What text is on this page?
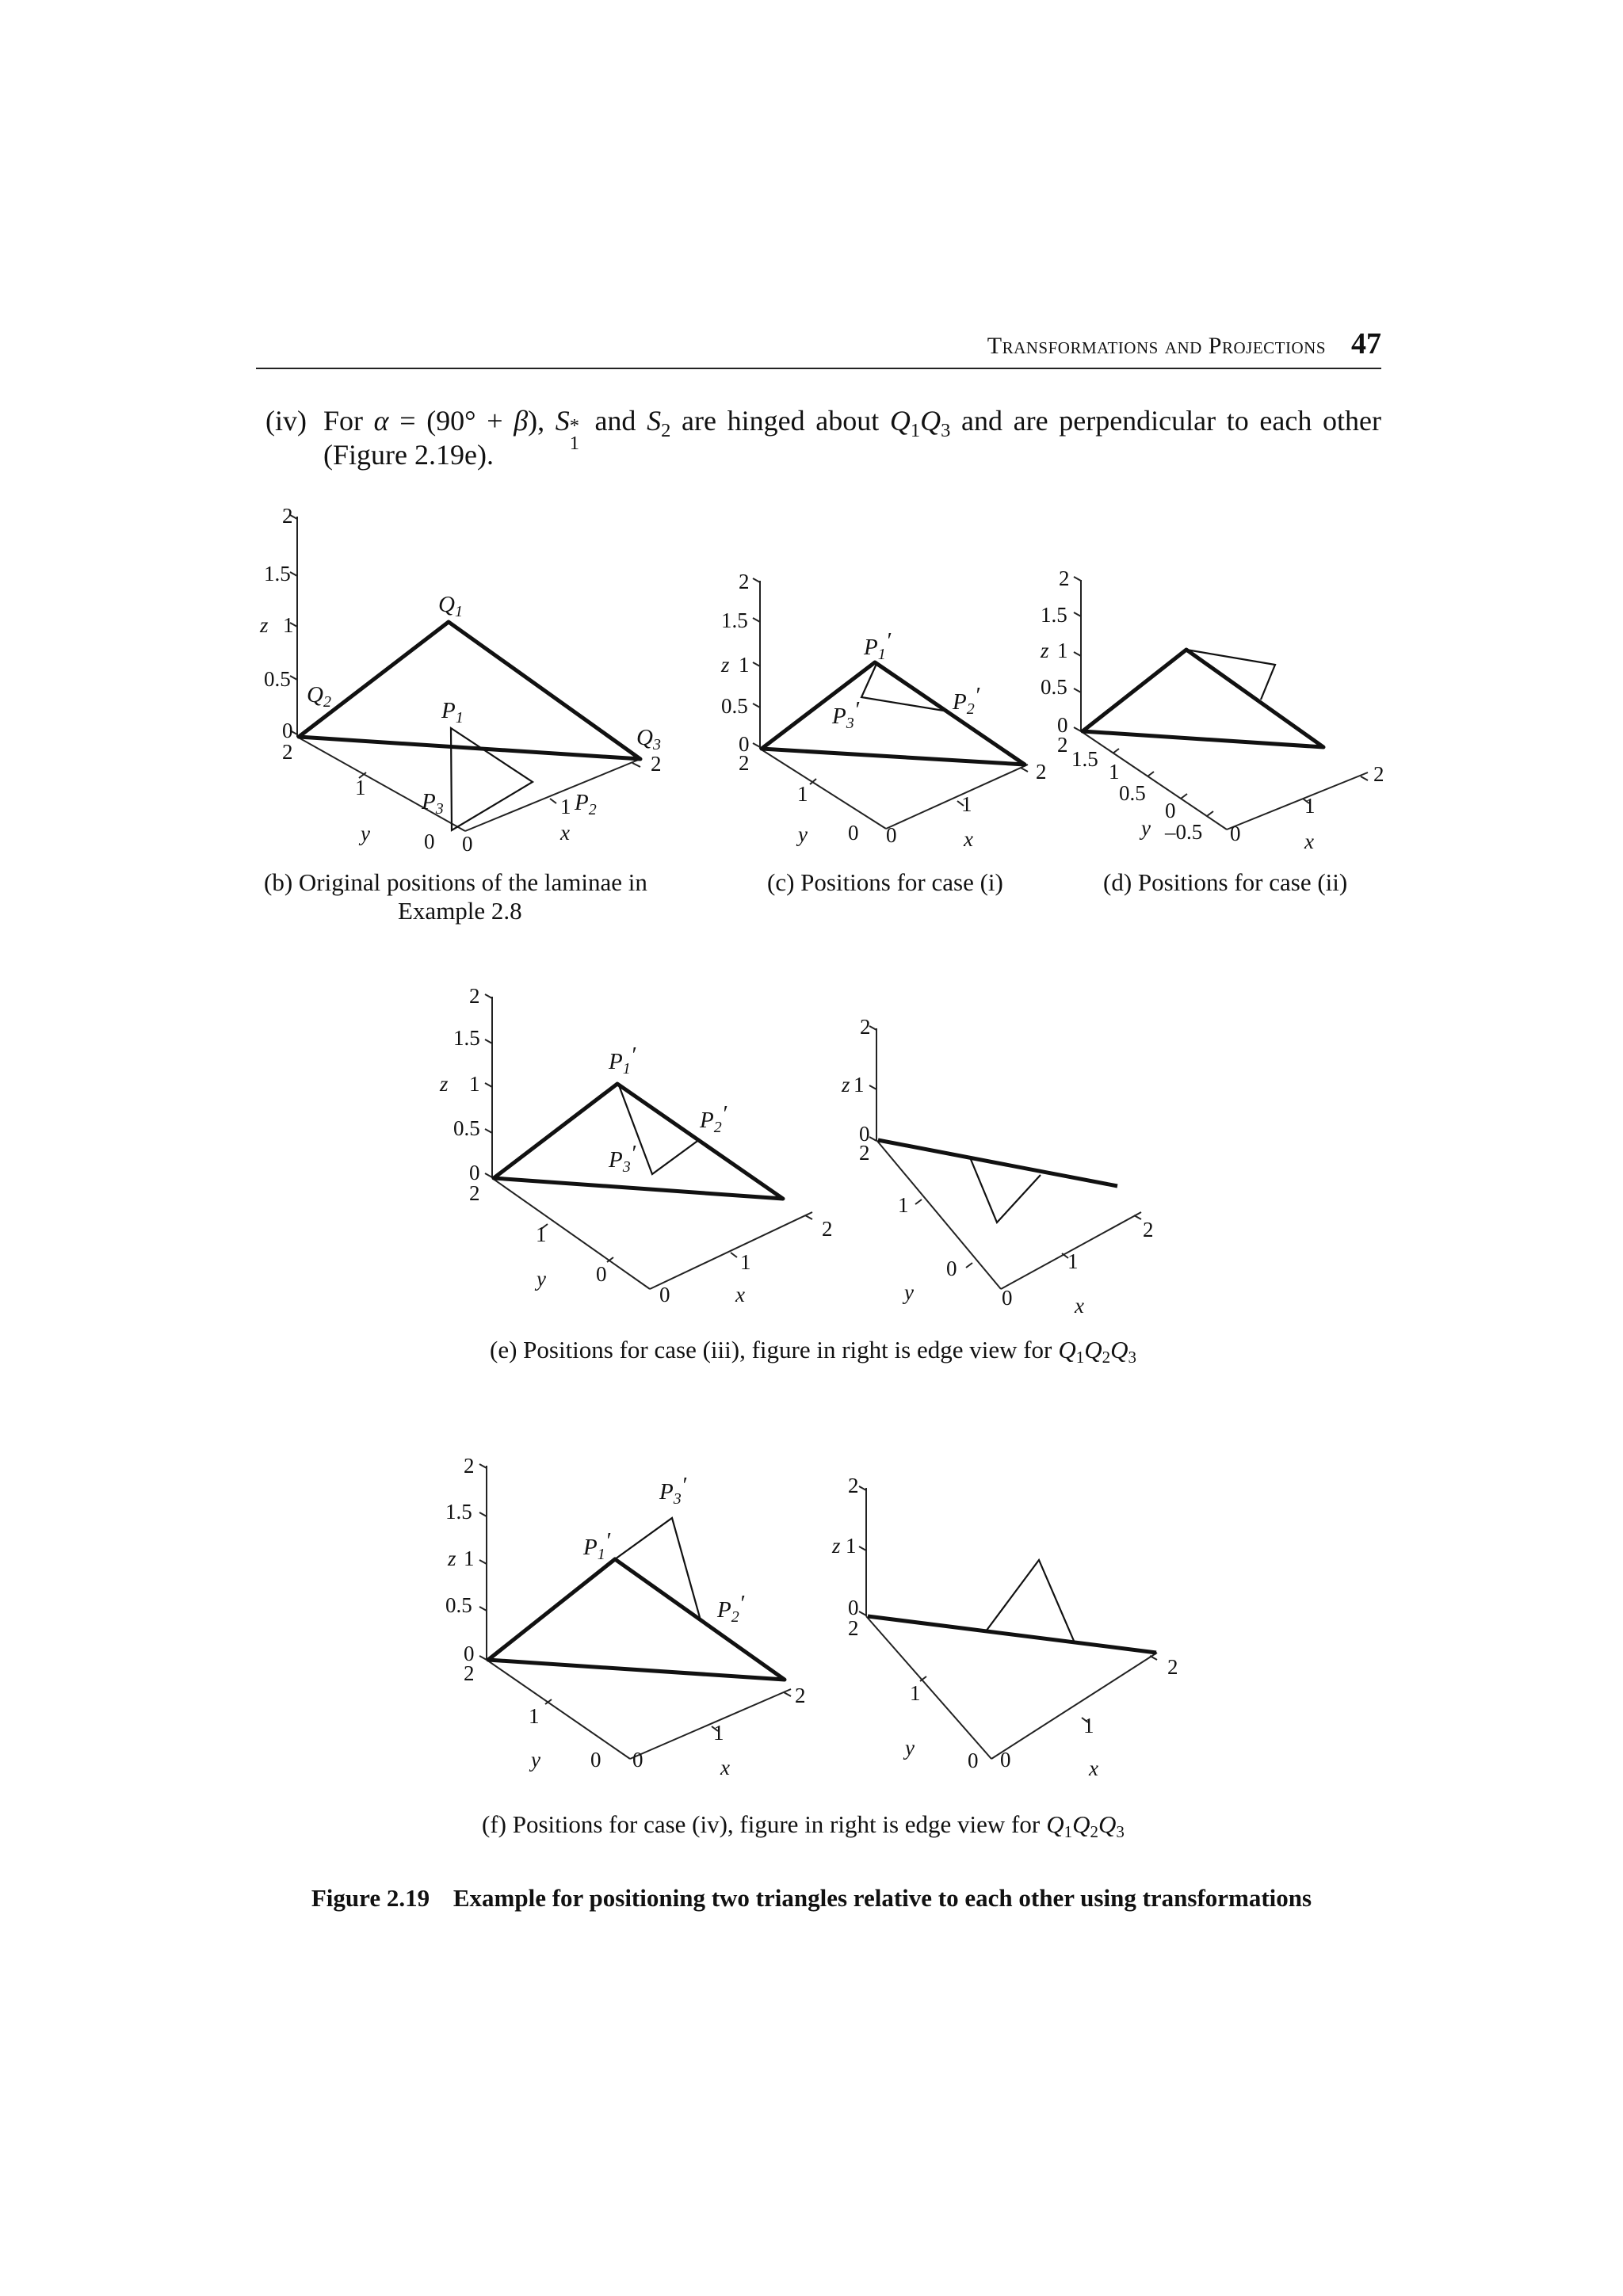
Transformations and Projections 47
(iv) For α = (90° + β), S *
1
and $S_2$ are hinged about $Q_1Q_3$ and are perpendicular to each other
(Figure 2.19e).
2
1.5
z 1
0.5
0
2
1
y	0 0
1
x
2
$Q_1$
$Q_2$
$Q_3$
$P_1$
$P_2$
$P_3$
(b) Original positions of the laminae in
Example 2.8
2
1.5
z 1
0.5
0
2
1
y 0 0
1
x
2
$P_1'$
$P_2'$
$P_3'$
(c) Positions for case (i)
2
1.5
z 1
0.5
0
2
1.5
1
0.5
0
y –0.5 0
1
x
2
(d) Positions for case (ii)
2
1.5
z 1
0.5
0
2
1
y 0
0
1
x
2
$P_1'$
$P_2'$
$P_3'$
2
z 1
0
2
1
y
0
0
1
x
2
(e) Positions for case (iii), figure in right is edge view for Q1Q2Q3
2
1.5
z 1
0.5
0
2
1
y 0 0
1
x
2
$P_1'$
$P_2'$
$P_3'$	2
z 1
0
2
1
y
0 0
1
x
2
(f) Positions for case (iv), figure in right is edge view for Q1Q2Q3
Figure 2.19 Example for positioning two triangles relative to each other using transformations
